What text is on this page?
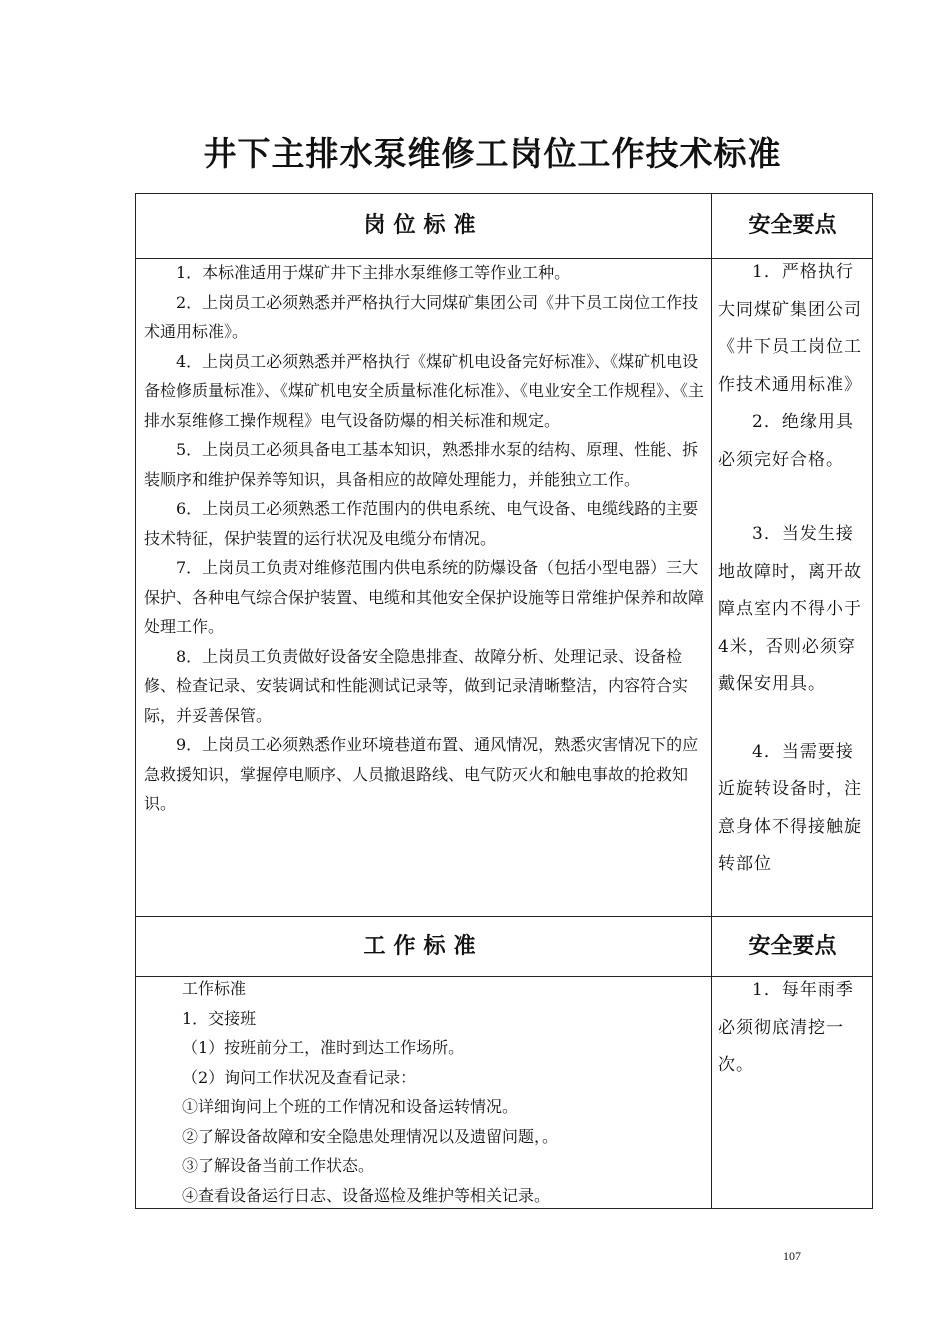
井下主排水泵维修工岗位工作技术标准
岗位标准	安全要点

1．本标准适用于煤矿井下主排水泵维修工等作业工种。

2．上岗员工必须熟悉并严格执行大同煤矿集团公司《井下员工岗位工作技术通用标准》。

4．上岗员工必须熟悉并严格执行《煤矿机电设备完好标准》、《煤矿机电设备检修质量标准》、《煤矿机电安全质量标准化标准》、《电业安全工作规程》、《主排水泵维修工操作规程》电气设备防爆的相关标准和规定。

5．上岗员工必须具备电工基本知识，熟悉排水泵的结构、原理、性能、拆装顺序和维护保养等知识，具备相应的故障处理能力，并能独立工作。

6．上岗员工必须熟悉工作范围内的供电系统、电气设备、电缆线路的主要技术特征，保护装置的运行状况及电缆分布情况。

7．上岗员工负责对维修范围内供电系统的防爆设备（包括小型电器）三大保护、各种电气综合保护装置、电缆和其他安全保护设施等日常维护保养和故障处理工作。

8．上岗员工负责做好设备安全隐患排查、故障分析、处理记录、设备检修、检查记录、安装调试和性能测试记录等，做到记录清晰整洁，内容符合实际，并妥善保管。

9．上岗员工必须熟悉作业环境巷道布置、通风情况，熟悉灾害情况下的应急救援知识，掌握停电顺序、人员撤退路线、电气防灭火和触电事故的抢救知识。

1．严格执行大同煤矿集团公司《井下员工岗位工作技术通用标准》

2．绝缘用具必须完好合格。

3．当发生接地故障时，离开故障点室内不得小于4米，否则必须穿戴保安用具。

4．当需要接近旋转设备时，注意身体不得接触旋转部位

工作标准	安全要点
工作标准
1．交接班
（1）按班前分工，准时到达工作场所。
（2）询问工作状况及查看记录：
①详细询问上个班的工作情况和设备运转情况。
②了解设备故障和安全隐患处理情况以及遗留问题，。
③了解设备当前工作状态。
④查看设备运行日志、设备巡检及维护等相关记录。

1．每年雨季必须彻底清挖一次。

107
